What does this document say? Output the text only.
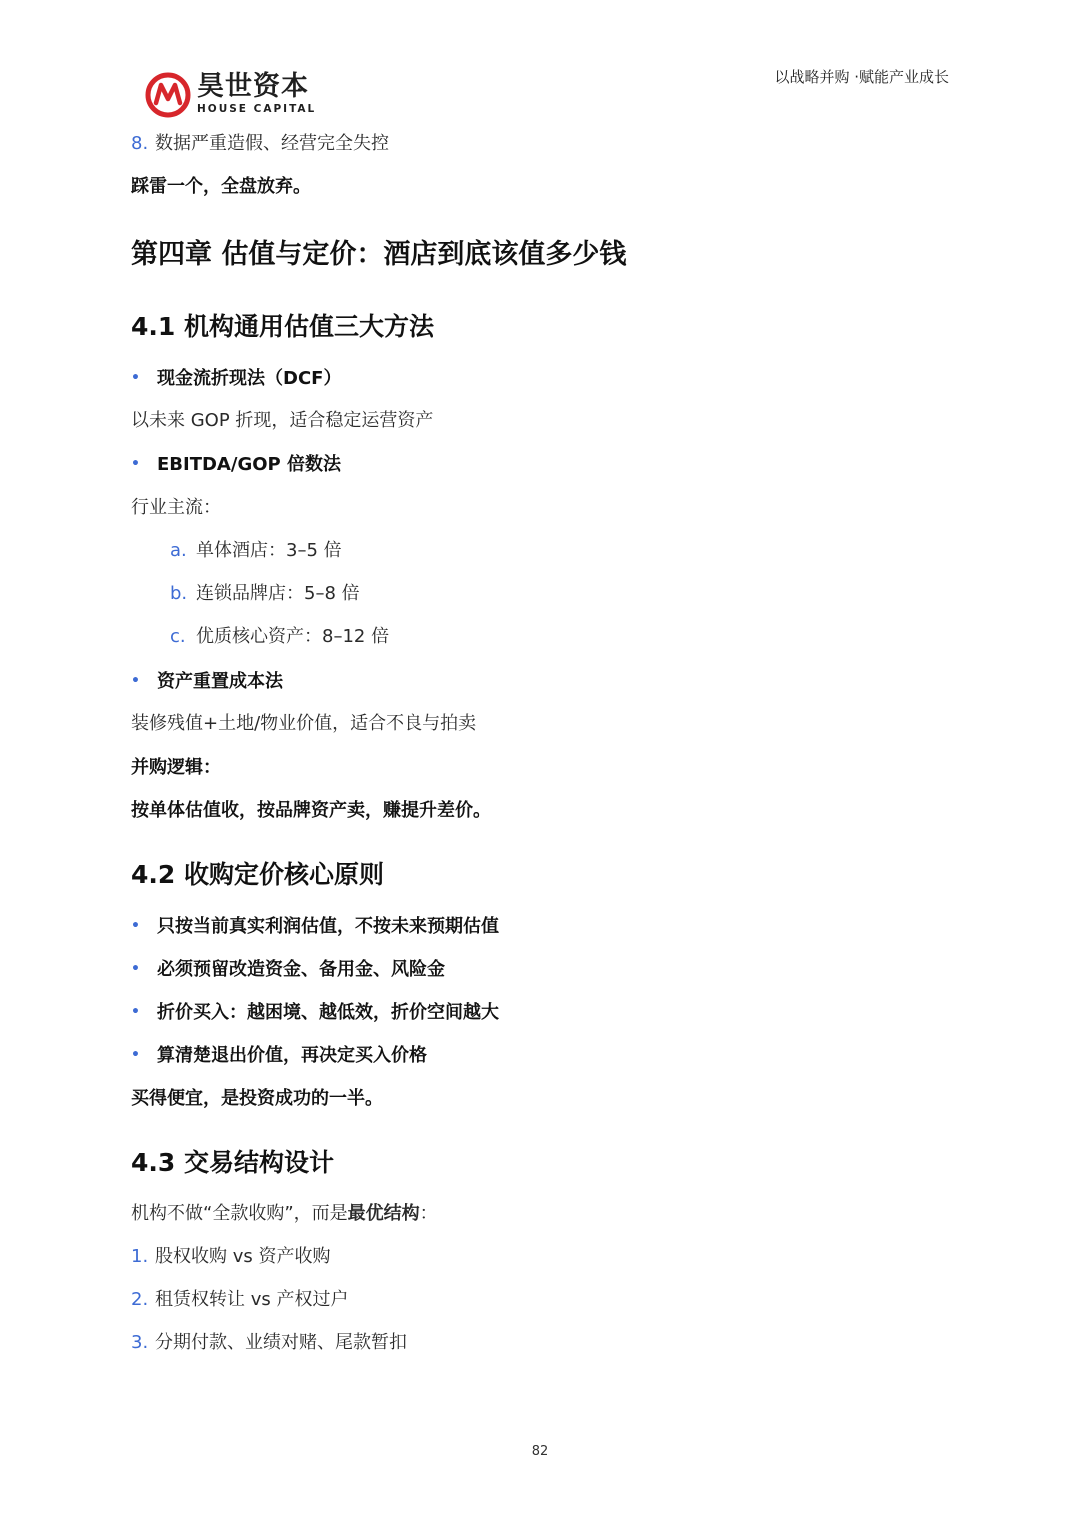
昊世资本
HOUSE CAPITAL
以战略并购 ·赋能产业成长
8. 数据严重造假、经营完全失控
踩雷一个，全盘放弃。
第四章 估值与定价：酒店到底该值多少钱
4.1 机构通用估值三大方法
• 现金流折现法（DCF）
以未来 GOP 折现，适合稳定运营资产
• EBITDA/GOP 倍数法
行业主流：
a. 单体酒店：3–5 倍
b. 连锁品牌店：5–8 倍
c. 优质核心资产：8–12 倍
• 资产重置成本法
装修残值+土地/物业价值，适合不良与拍卖
并购逻辑：
按单体估值收，按品牌资产卖，赚提升差价。
4.2 收购定价核心原则
• 只按当前真实利润估值，不按未来预期估值
• 必须预留改造资金、备用金、风险金
• 折价买入：越困境、越低效，折价空间越大
• 算清楚退出价值，再决定买入价格
买得便宜，是投资成功的一半。
4.3 交易结构设计
机构不做“全款收购”，而是最优结构：
1. 股权收购 vs 资产收购
2. 租赁权转让 vs 产权过户
3. 分期付款、业绩对赌、尾款暂扣
82
